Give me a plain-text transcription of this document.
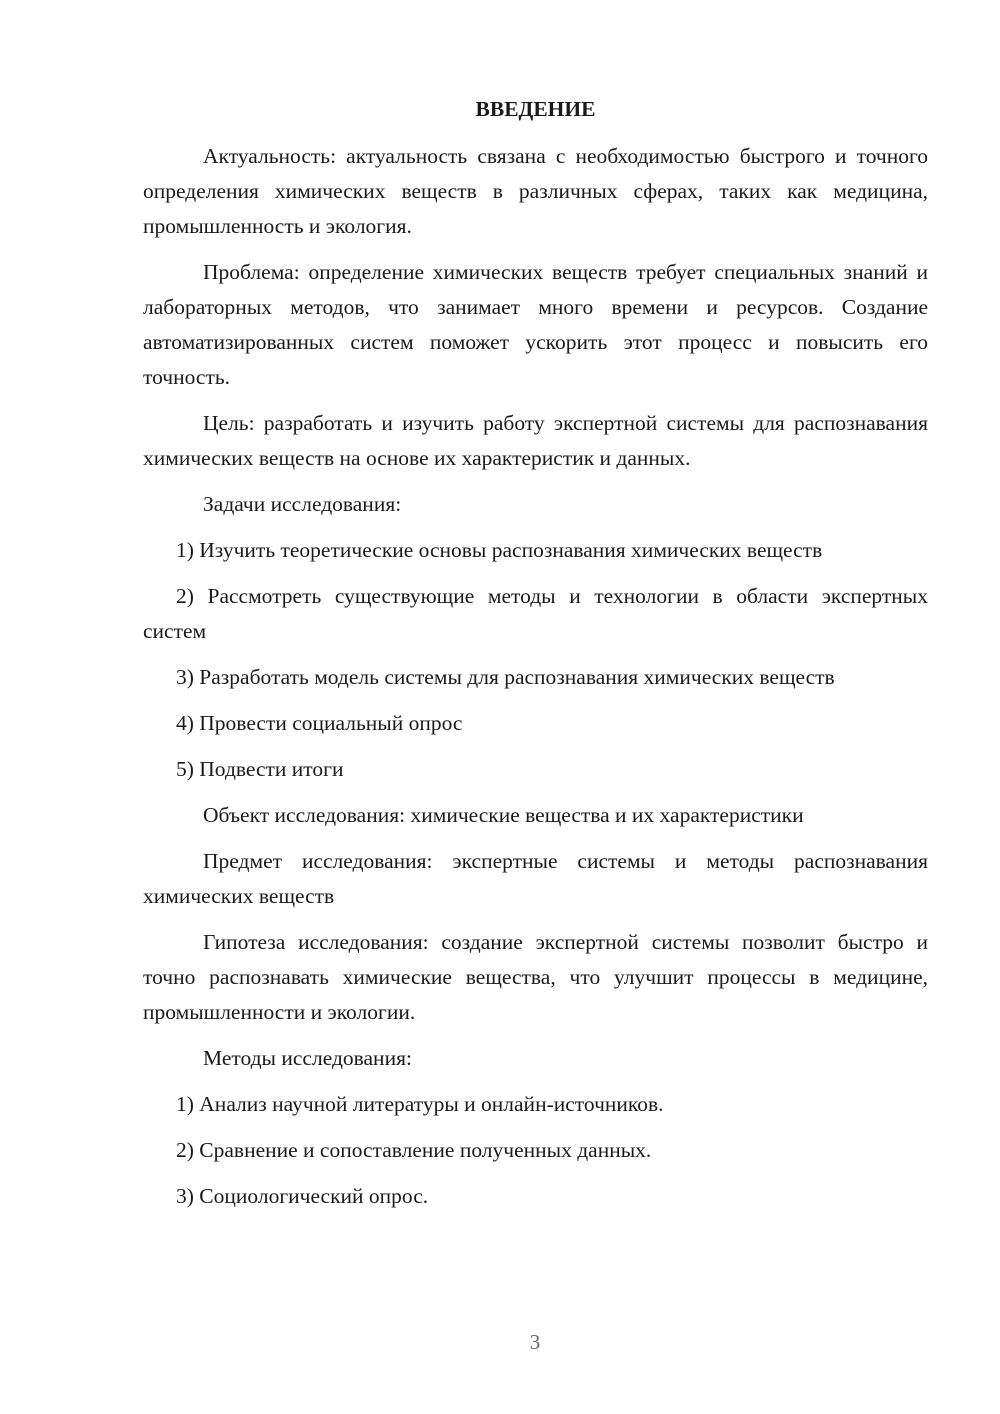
ВВЕДЕНИЕ
Актуальность: актуальность связана с необходимостью быстрого и точного определения химических веществ в различных сферах, таких как медицина, промышленность и экология.
Проблема: определение химических веществ требует специальных знаний и лабораторных методов, что занимает много времени и ресурсов. Создание автоматизированных систем поможет ускорить этот процесс и повысить его точность.
Цель: разработать и изучить работу экспертной системы для распознавания химических веществ на основе их характеристик и данных.
Задачи исследования:
1) Изучить теоретические основы распознавания химических веществ
2) Рассмотреть существующие методы и технологии в области экспертных систем
3) Разработать модель системы для распознавания химических веществ
4) Провести социальный опрос
5) Подвести итоги
Объект исследования: химические вещества и их характеристики
Предмет исследования: экспертные системы и методы распознавания химических веществ
Гипотеза исследования: создание экспертной системы позволит быстро и точно распознавать химические вещества, что улучшит процессы в медицине, промышленности и экологии.
Методы исследования:
1) Анализ научной литературы и онлайн-источников.
2) Сравнение и сопоставление полученных данных.
3) Социологический опрос.
3
